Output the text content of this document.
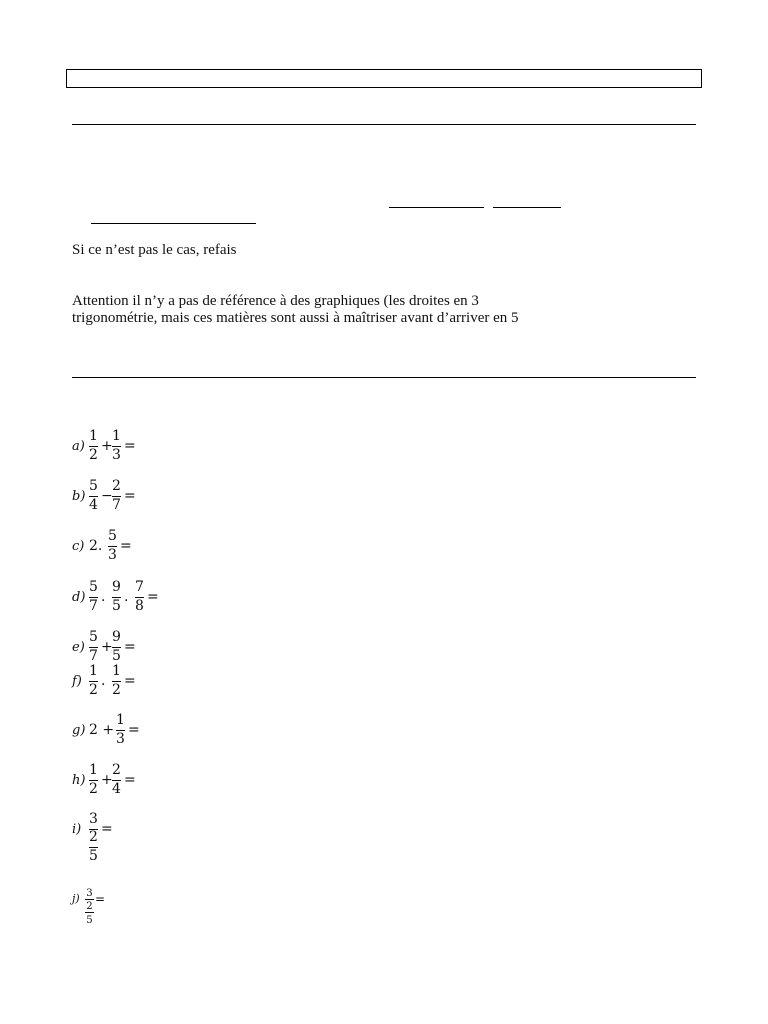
Si ce n’est pas le cas, refais
Attention il n’y a pas de référence à des graphiques (les droites en 3
trigonométrie, mais ces matières sont aussi à maîtriser avant d’arriver en 5
a)
1
2
+
1
3
=
b)
5
4
−
2
7
=
c) 2.
5
3
=
d)
5
7
.
9
5
.
7
8
=
e)
5
7
+
9
5
=
f)
1
2
.
1
2
=
g) 2 +
1
3
=
h)
1
2
+
2
4
=
i)
3
2
5
=
j) 3
2
5
=
